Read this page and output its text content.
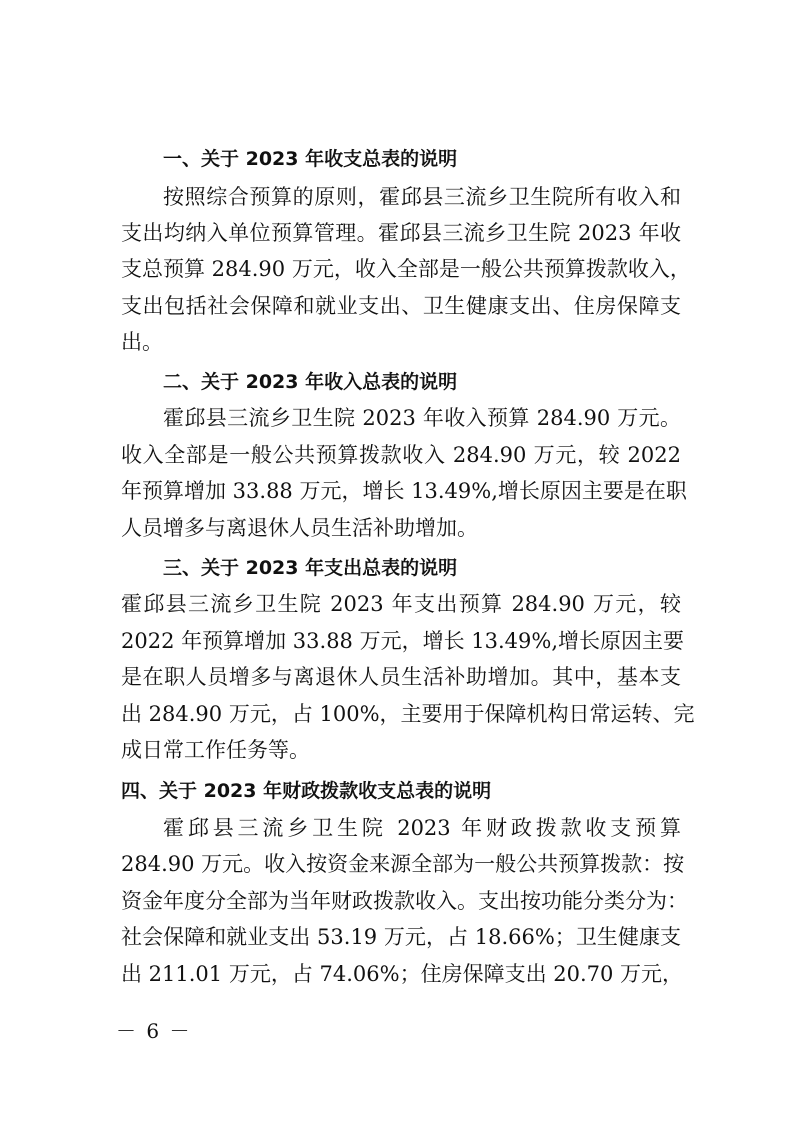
一、关于 2023 年收支总表的说明
按照综合预算的原则，霍邱县三流乡卫生院所有收入和
支出均纳入单位预算管理。霍邱县三流乡卫生院 2023 年收
支总预算 284.90 万元，收入全部是一般公共预算拨款收入，
支出包括社会保障和就业支出、卫生健康支出、住房保障支
出。
二、关于 2023 年收入总表的说明
霍邱县三流乡卫生院 2023 年收入预算 284.90 万元。
收入全部是一般公共预算拨款收入 284.90 万元，较 2022
年预算增加 33.88 万元，增长 13.49%,增长原因主要是在职
人员增多与离退休人员生活补助增加。
三、关于 2023 年支出总表的说明
霍邱县三流乡卫生院 2023 年支出预算 284.90 万元，较
2022 年预算增加 33.88 万元，增长 13.49%,增长原因主要
是在职人员增多与离退休人员生活补助增加。其中，基本支
出 284.90 万元，占 100%，主要用于保障机构日常运转、完
成日常工作任务等。
四、关于 2023 年财政拨款收支总表的说明
霍邱县三流乡卫生院 2023 年财政拨款收支预算
284.90 万元。收入按资金来源全部为一般公共预算拨款：按
资金年度分全部为当年财政拨款收入。支出按功能分类分为：
社会保障和就业支出 53.19 万元，占 18.66%；卫生健康支
出 211.01 万元，占 74.06%；住房保障支出 20.70 万元，
－ 6 －
